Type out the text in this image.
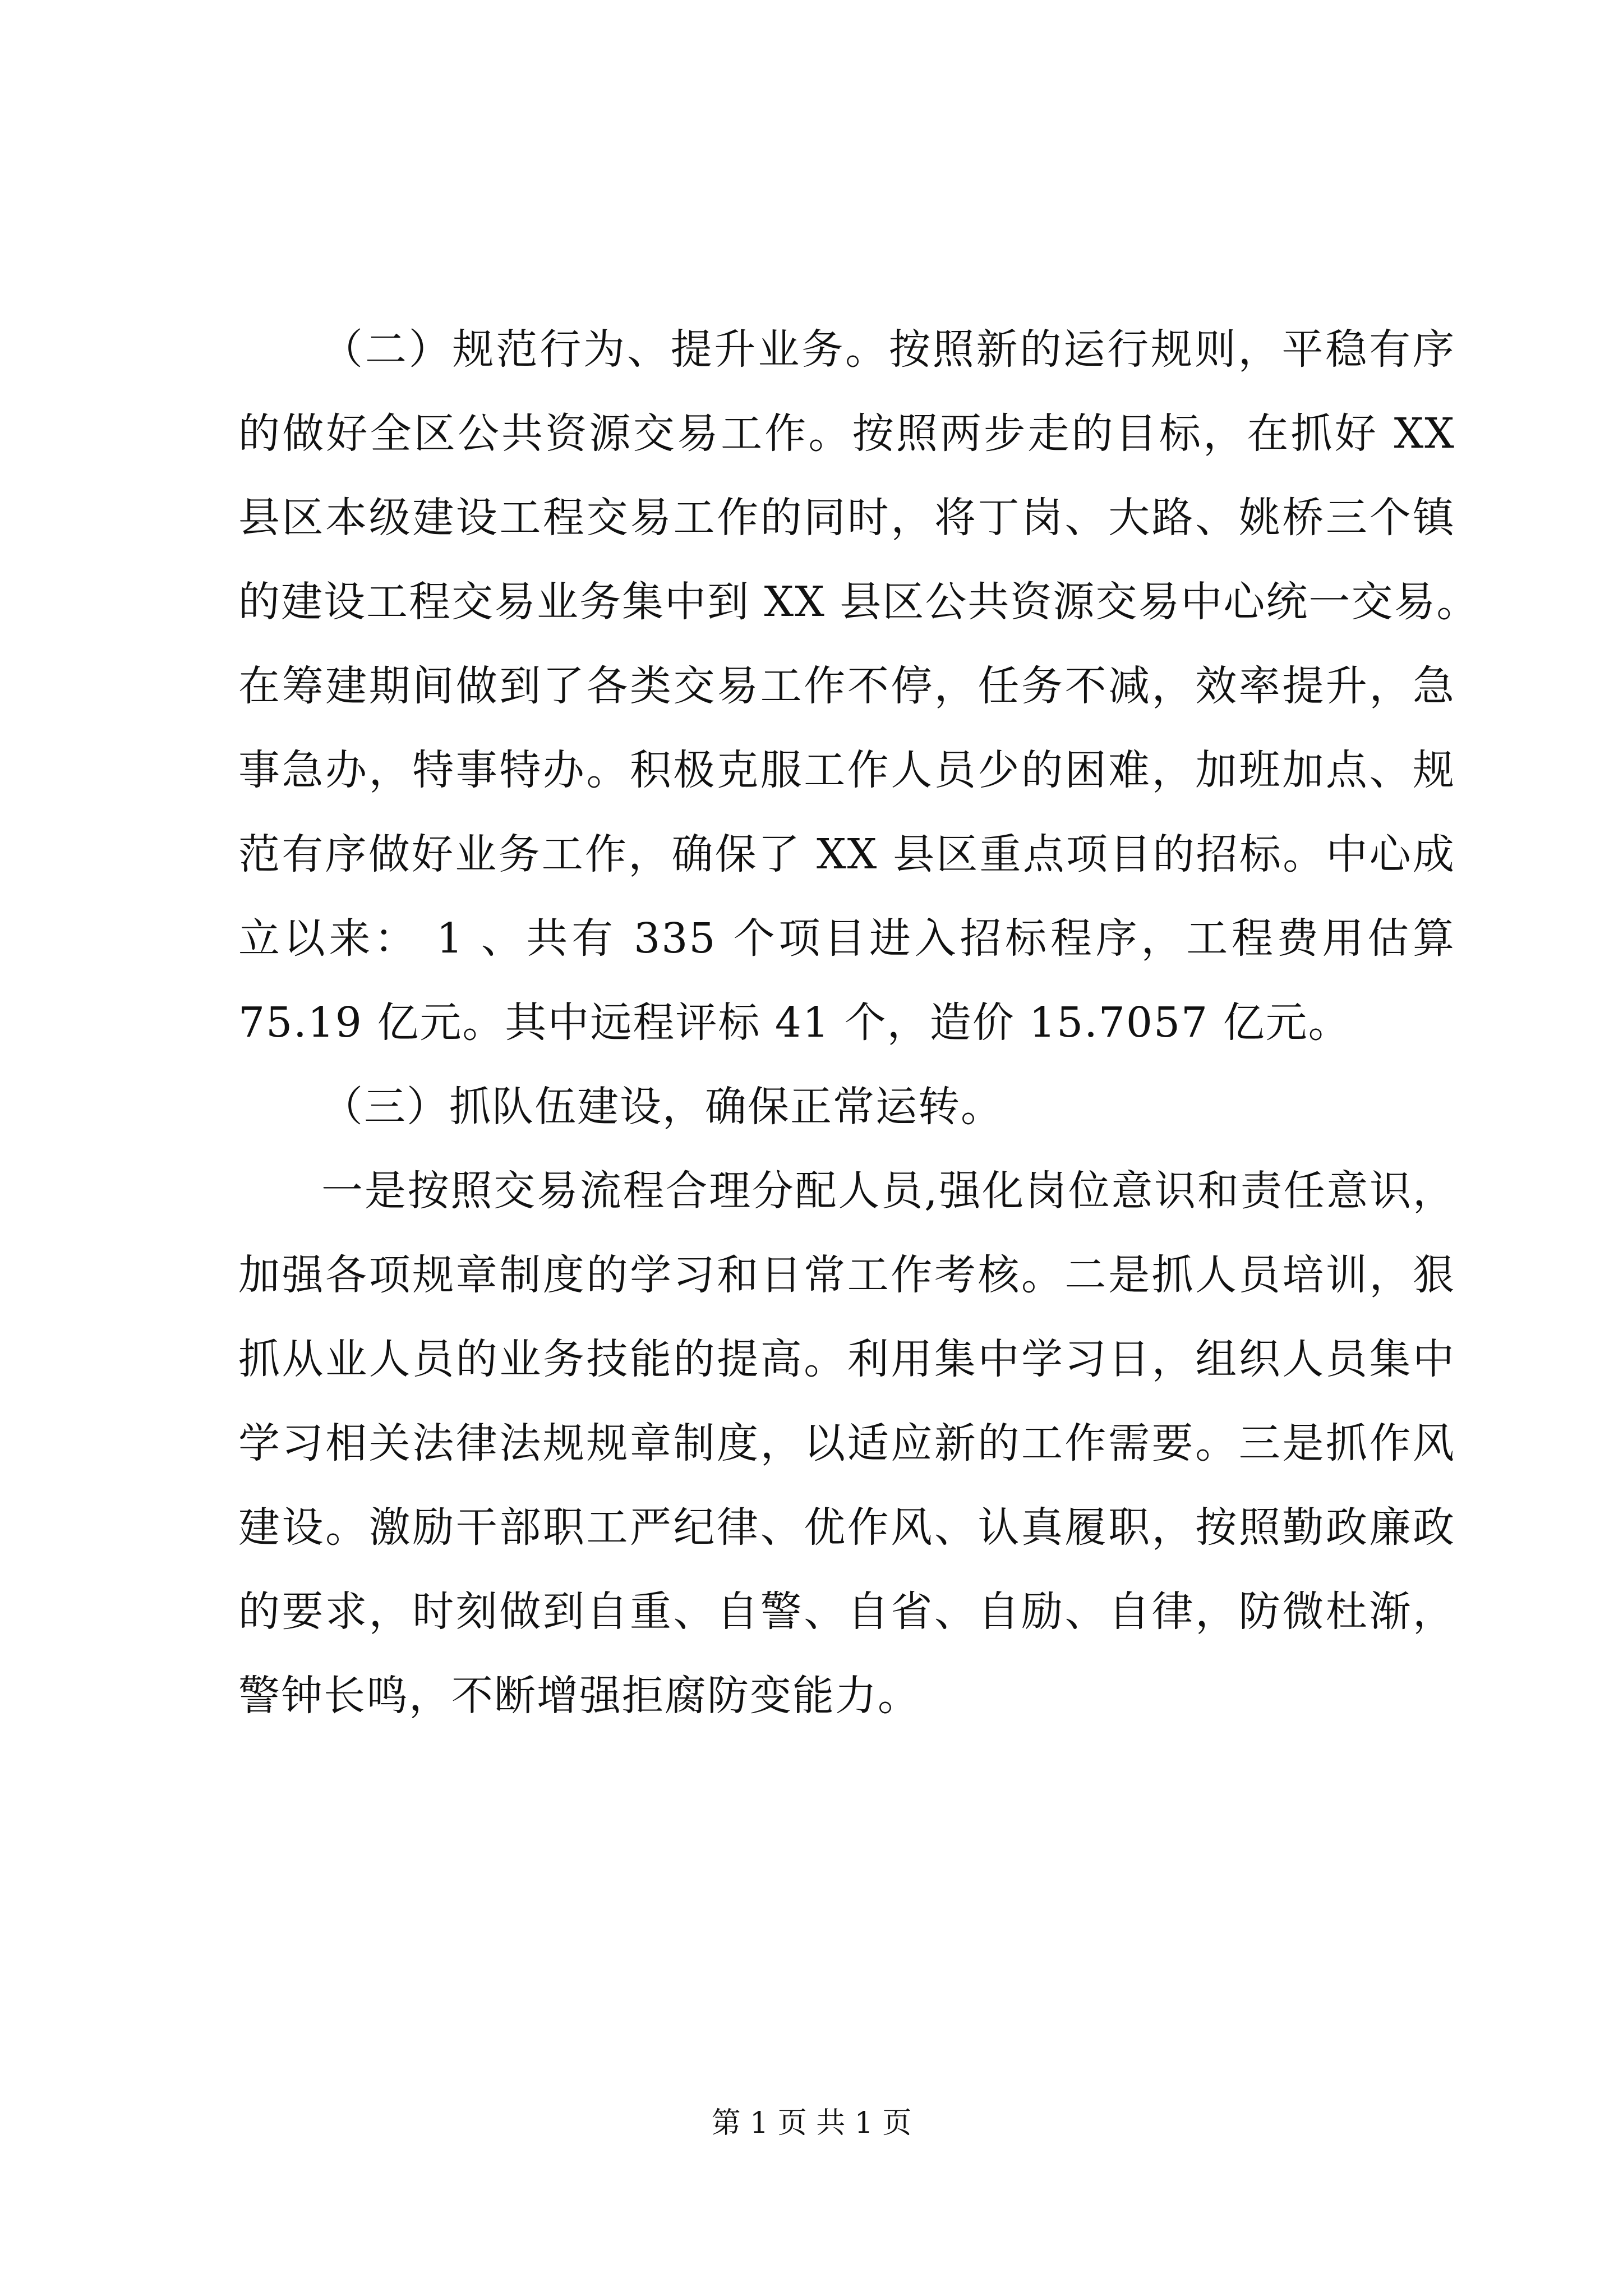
（二）规范行为、提升业务。按照新的运行规则，平稳有序
的做好全区公共资源交易工作。按照两步走的目标，在抓好 XX
县区本级建设工程交易工作的同时，将丁岗、大路、姚桥三个镇
的建设工程交易业务集中到 XX 县区公共资源交易中心统一交易。
在筹建期间做到了各类交易工作不停，任务不减，效率提升，急
事急办，特事特办。积极克服工作人员少的困难，加班加点、规
范有序做好业务工作，确保了 XX 县区重点项目的招标。中心成
立以来： 1 、共有 335 个项目进入招标程序，工程费用估算
75.19 亿元。其中远程评标 41 个，造价 15.7057 亿元。
（三）抓队伍建设，确保正常运转。
一是按照交易流程合理分配人员,强化岗位意识和责任意识，
加强各项规章制度的学习和日常工作考核。二是抓人员培训，狠
抓从业人员的业务技能的提高。利用集中学习日，组织人员集中
学习相关法律法规规章制度，以适应新的工作需要。三是抓作风
建设。激励干部职工严纪律、优作风、认真履职，按照勤政廉政
的要求，时刻做到自重、自警、自省、自励、自律，防微杜渐，
警钟长鸣，不断增强拒腐防变能力。
第 1 页 共 1 页
